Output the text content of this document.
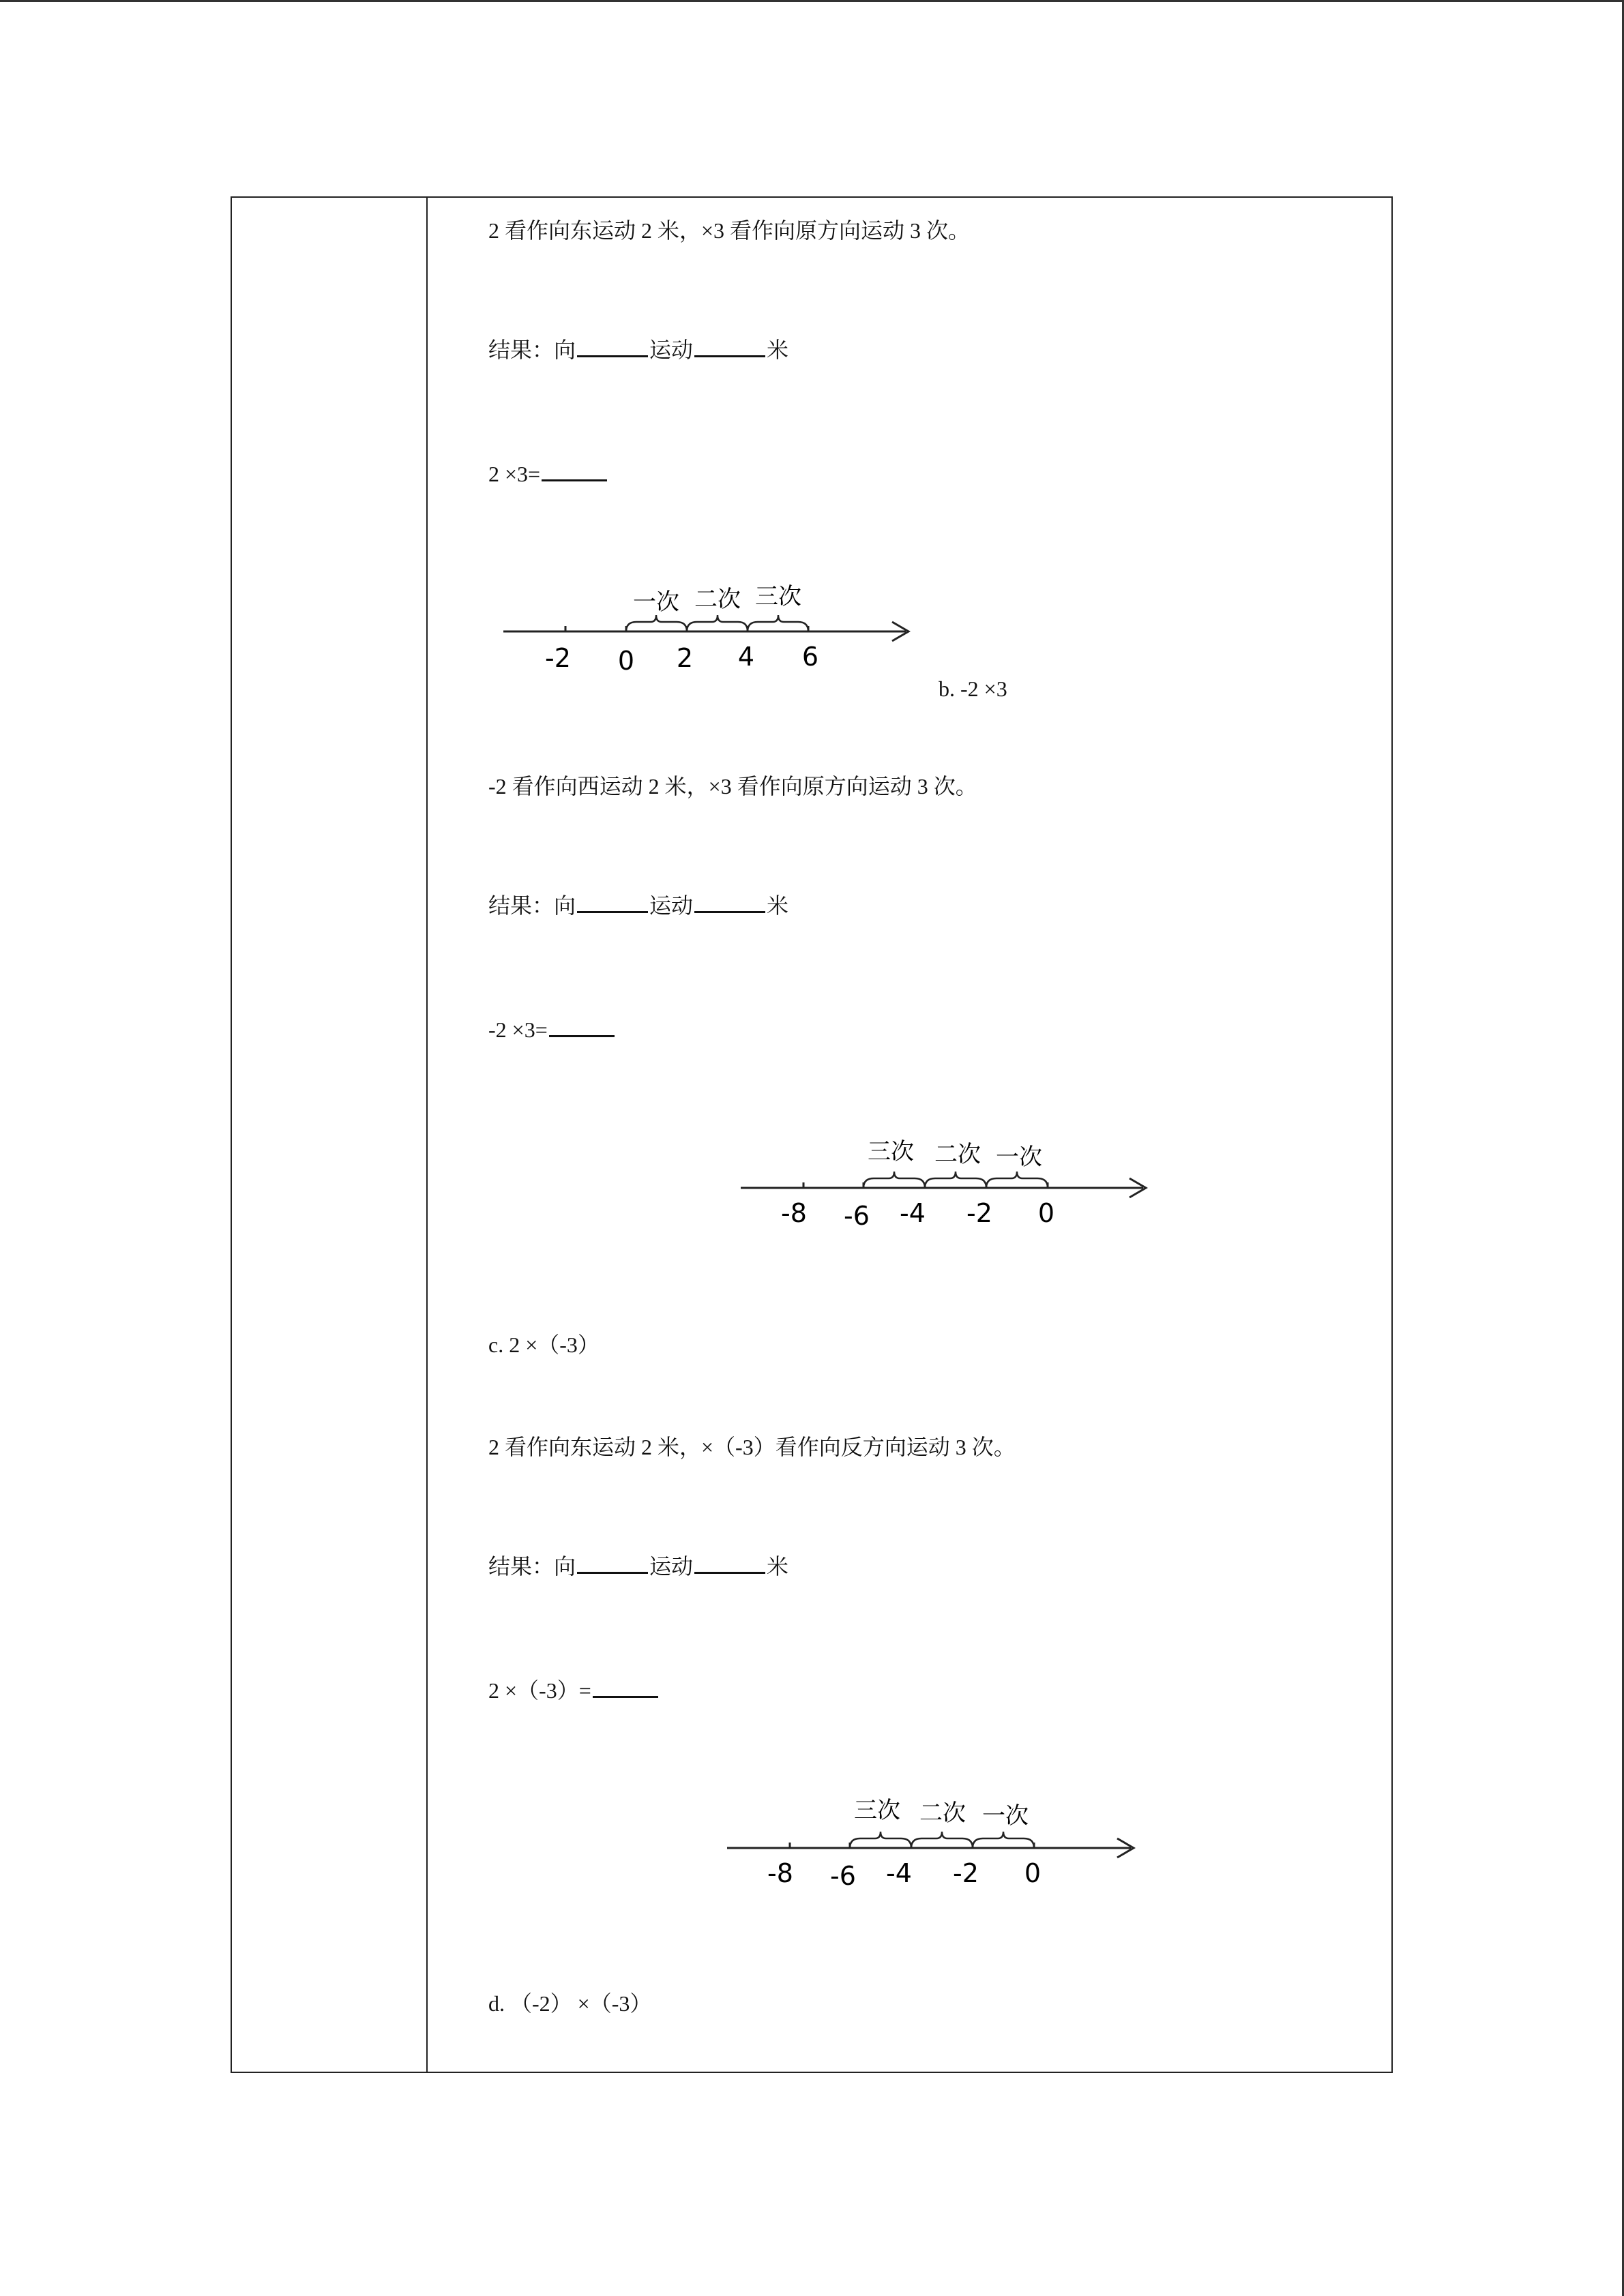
2 看作向东运动 2 米，×3 看作向原方向运动 3 次。
结果：向	运动	米
2 ×3=
一次 二次 三次
-2 0 2 4 6
b. -2 ×3
-2 看作向西运动 2 米，×3 看作向原方向运动 3 次。
结果：向	运动	米
-2 ×3=
三次 二次 一次
-8 -6 -4 -2 0
c. 2 ×（-3）
2 看作向东运动 2 米，×（-3）看作向反方向运动 3 次。
结果：向	运动	米
2 ×（-3）=
三次 二次 一次
-8 -6 -4 -2 0
d. （-2） ×（-3）
